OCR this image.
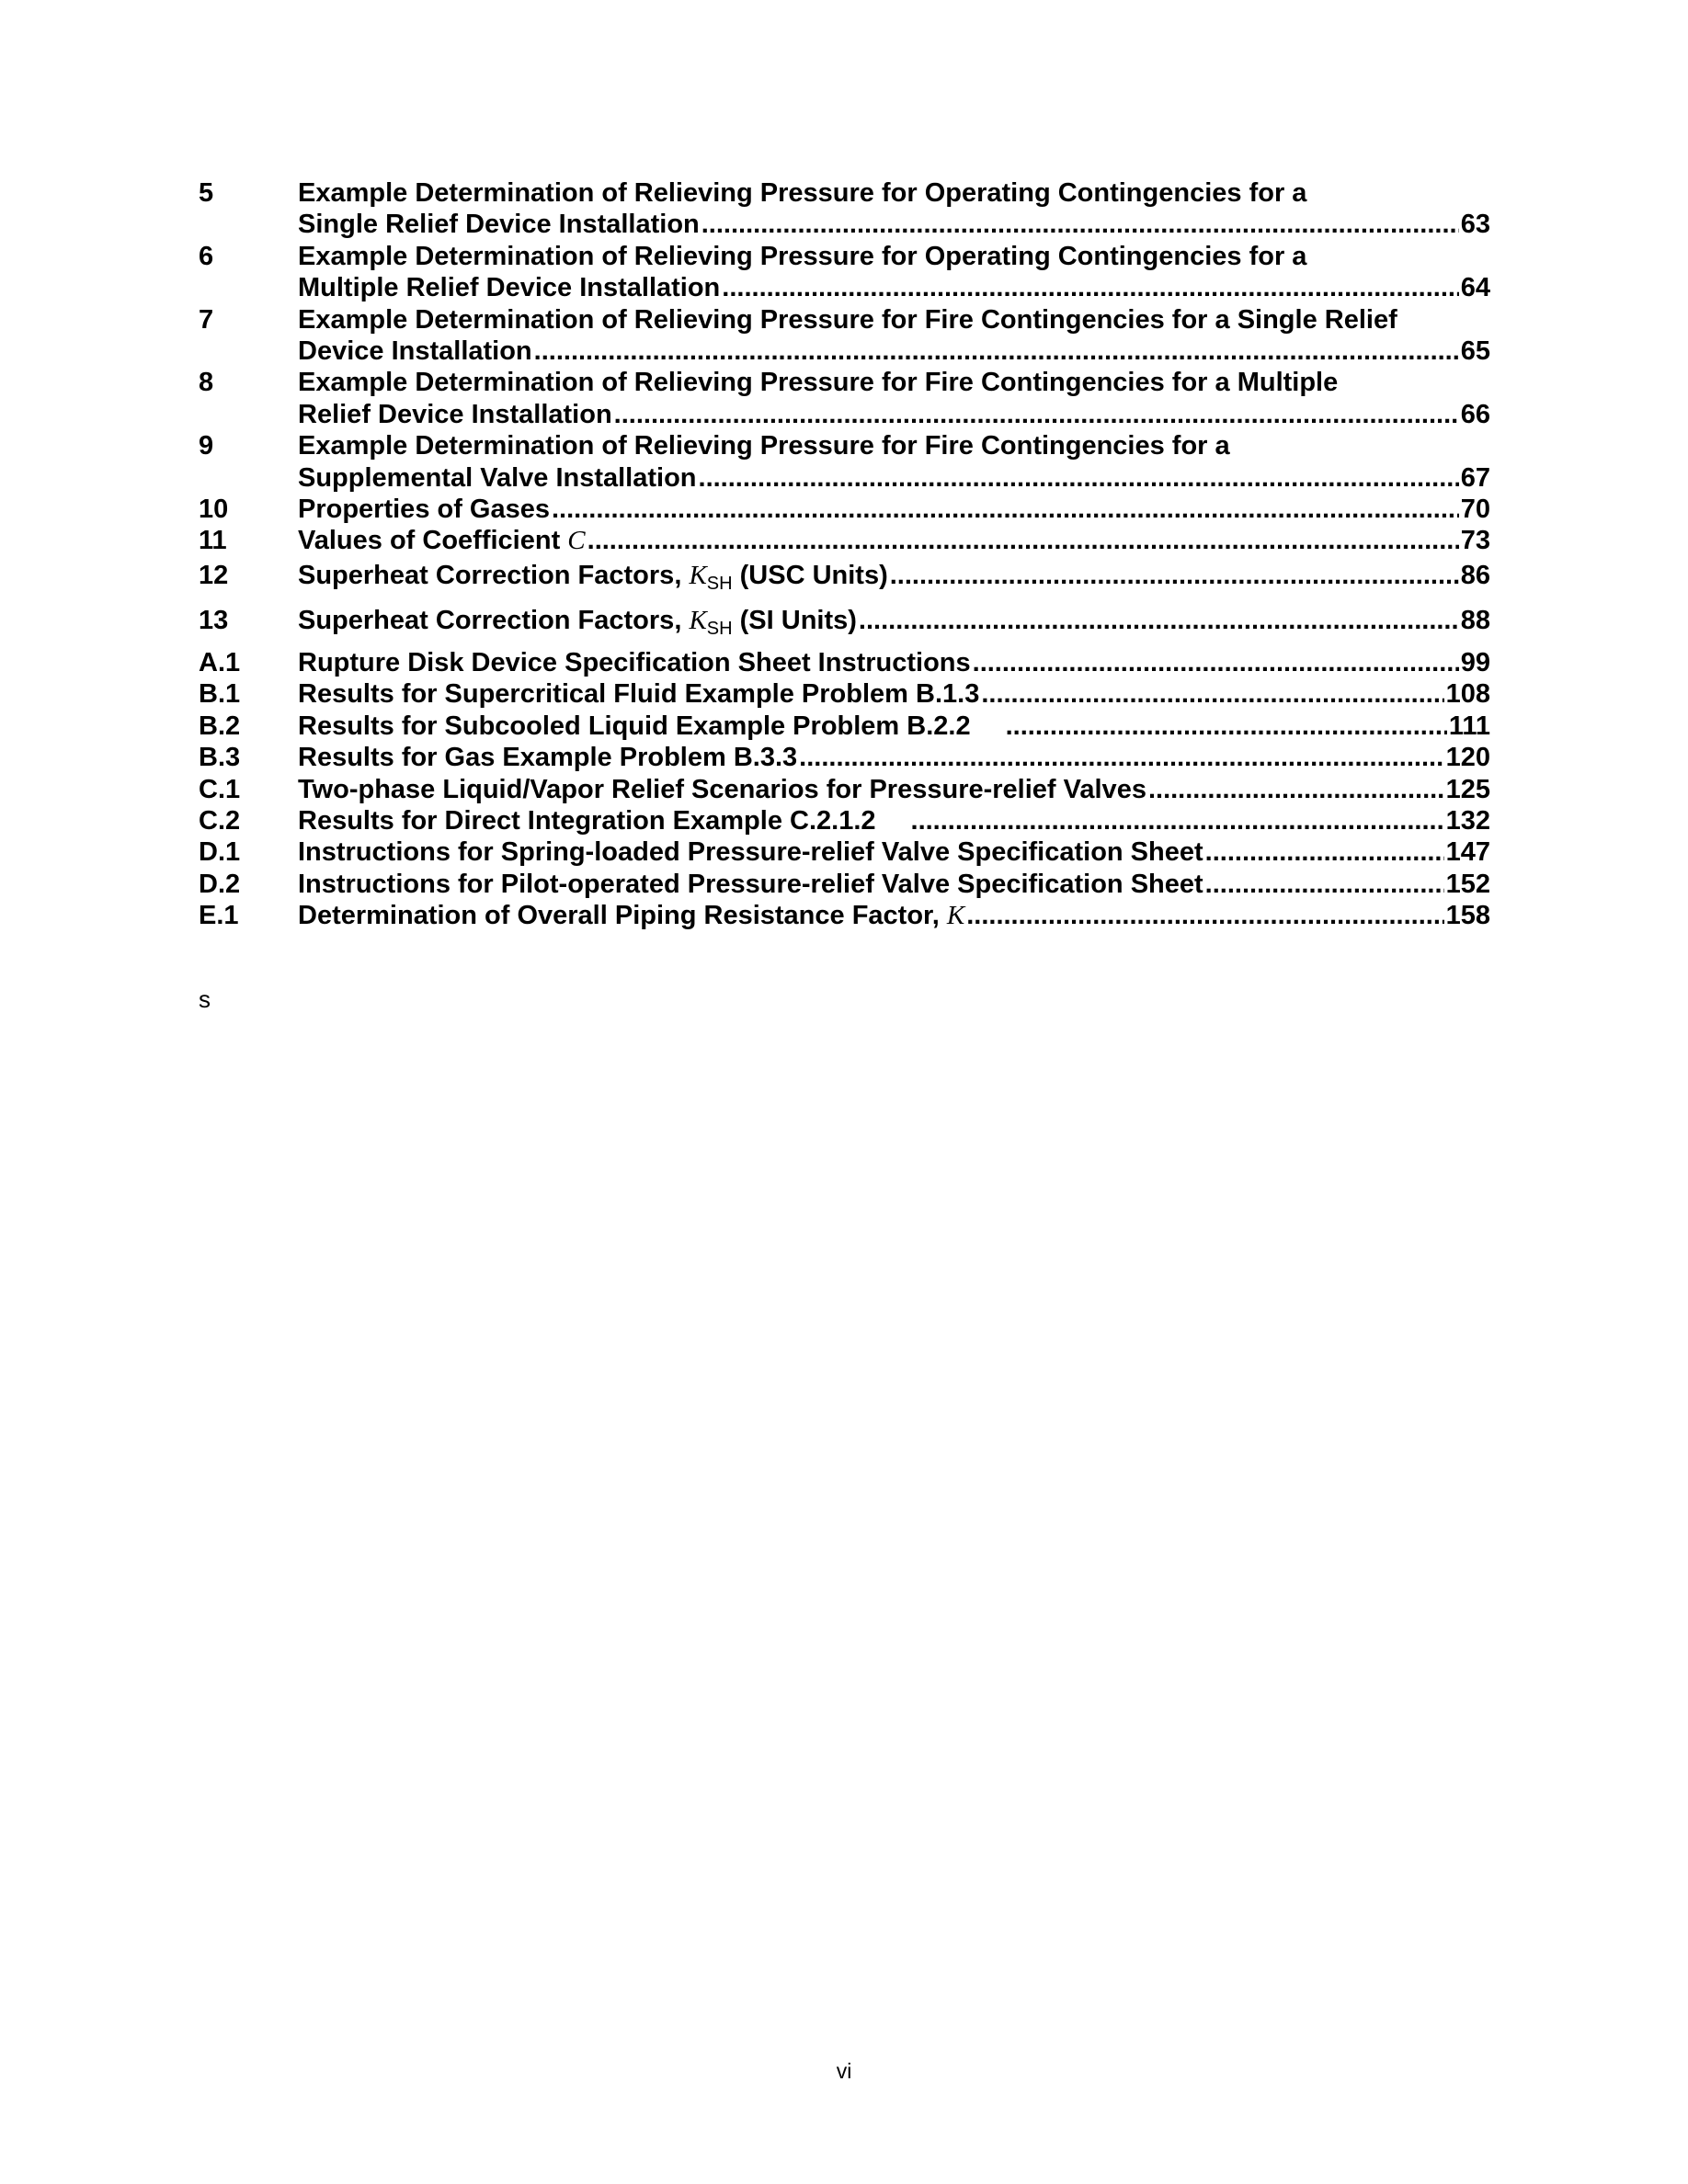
5	Example Determination of Relieving Pressure for Operating Contingencies for a
Single Relief Device Installation .....	63
6	Example Determination of Relieving Pressure for Operating Contingencies for a
Multiple Relief Device Installation .....	64
7	Example Determination of Relieving Pressure for Fire Contingencies for a Single Relief
Device Installation .....	65
8	Example Determination of Relieving Pressure for Fire Contingencies for a Multiple
Relief Device Installation .....	66
9	Example Determination of Relieving Pressure for Fire Contingencies for a
Supplemental Valve Installation .....	67
10	Properties of Gases .....	70
11	Values of Coefficient C .....	73
12	Superheat Correction Factors, $K_{SH}$ (USC Units) .....	86
13	Superheat Correction Factors, $K_{SH}$ (SI Units) .....	88
A.1	Rupture Disk Device Specification Sheet Instructions .....	99
B.1	Results for Supercritical Fluid Example Problem B.1.3 .....	108
B.2	Results for Subcooled Liquid Example Problem B.2.2 .....	111
B.3	Results for Gas Example Problem B.3.3 .....	120
C.1	Two-phase Liquid/Vapor Relief Scenarios for Pressure-relief Valves .....	125
C.2	Results for Direct Integration Example C.2.1.2 .....	132
D.1	Instructions for Spring-loaded Pressure-relief Valve Specification Sheet .....	147
D.2	Instructions for Pilot-operated Pressure-relief Valve Specification Sheet .....	152
E.1	Determination of Overall Piping Resistance Factor, K .....	158
s
vi
